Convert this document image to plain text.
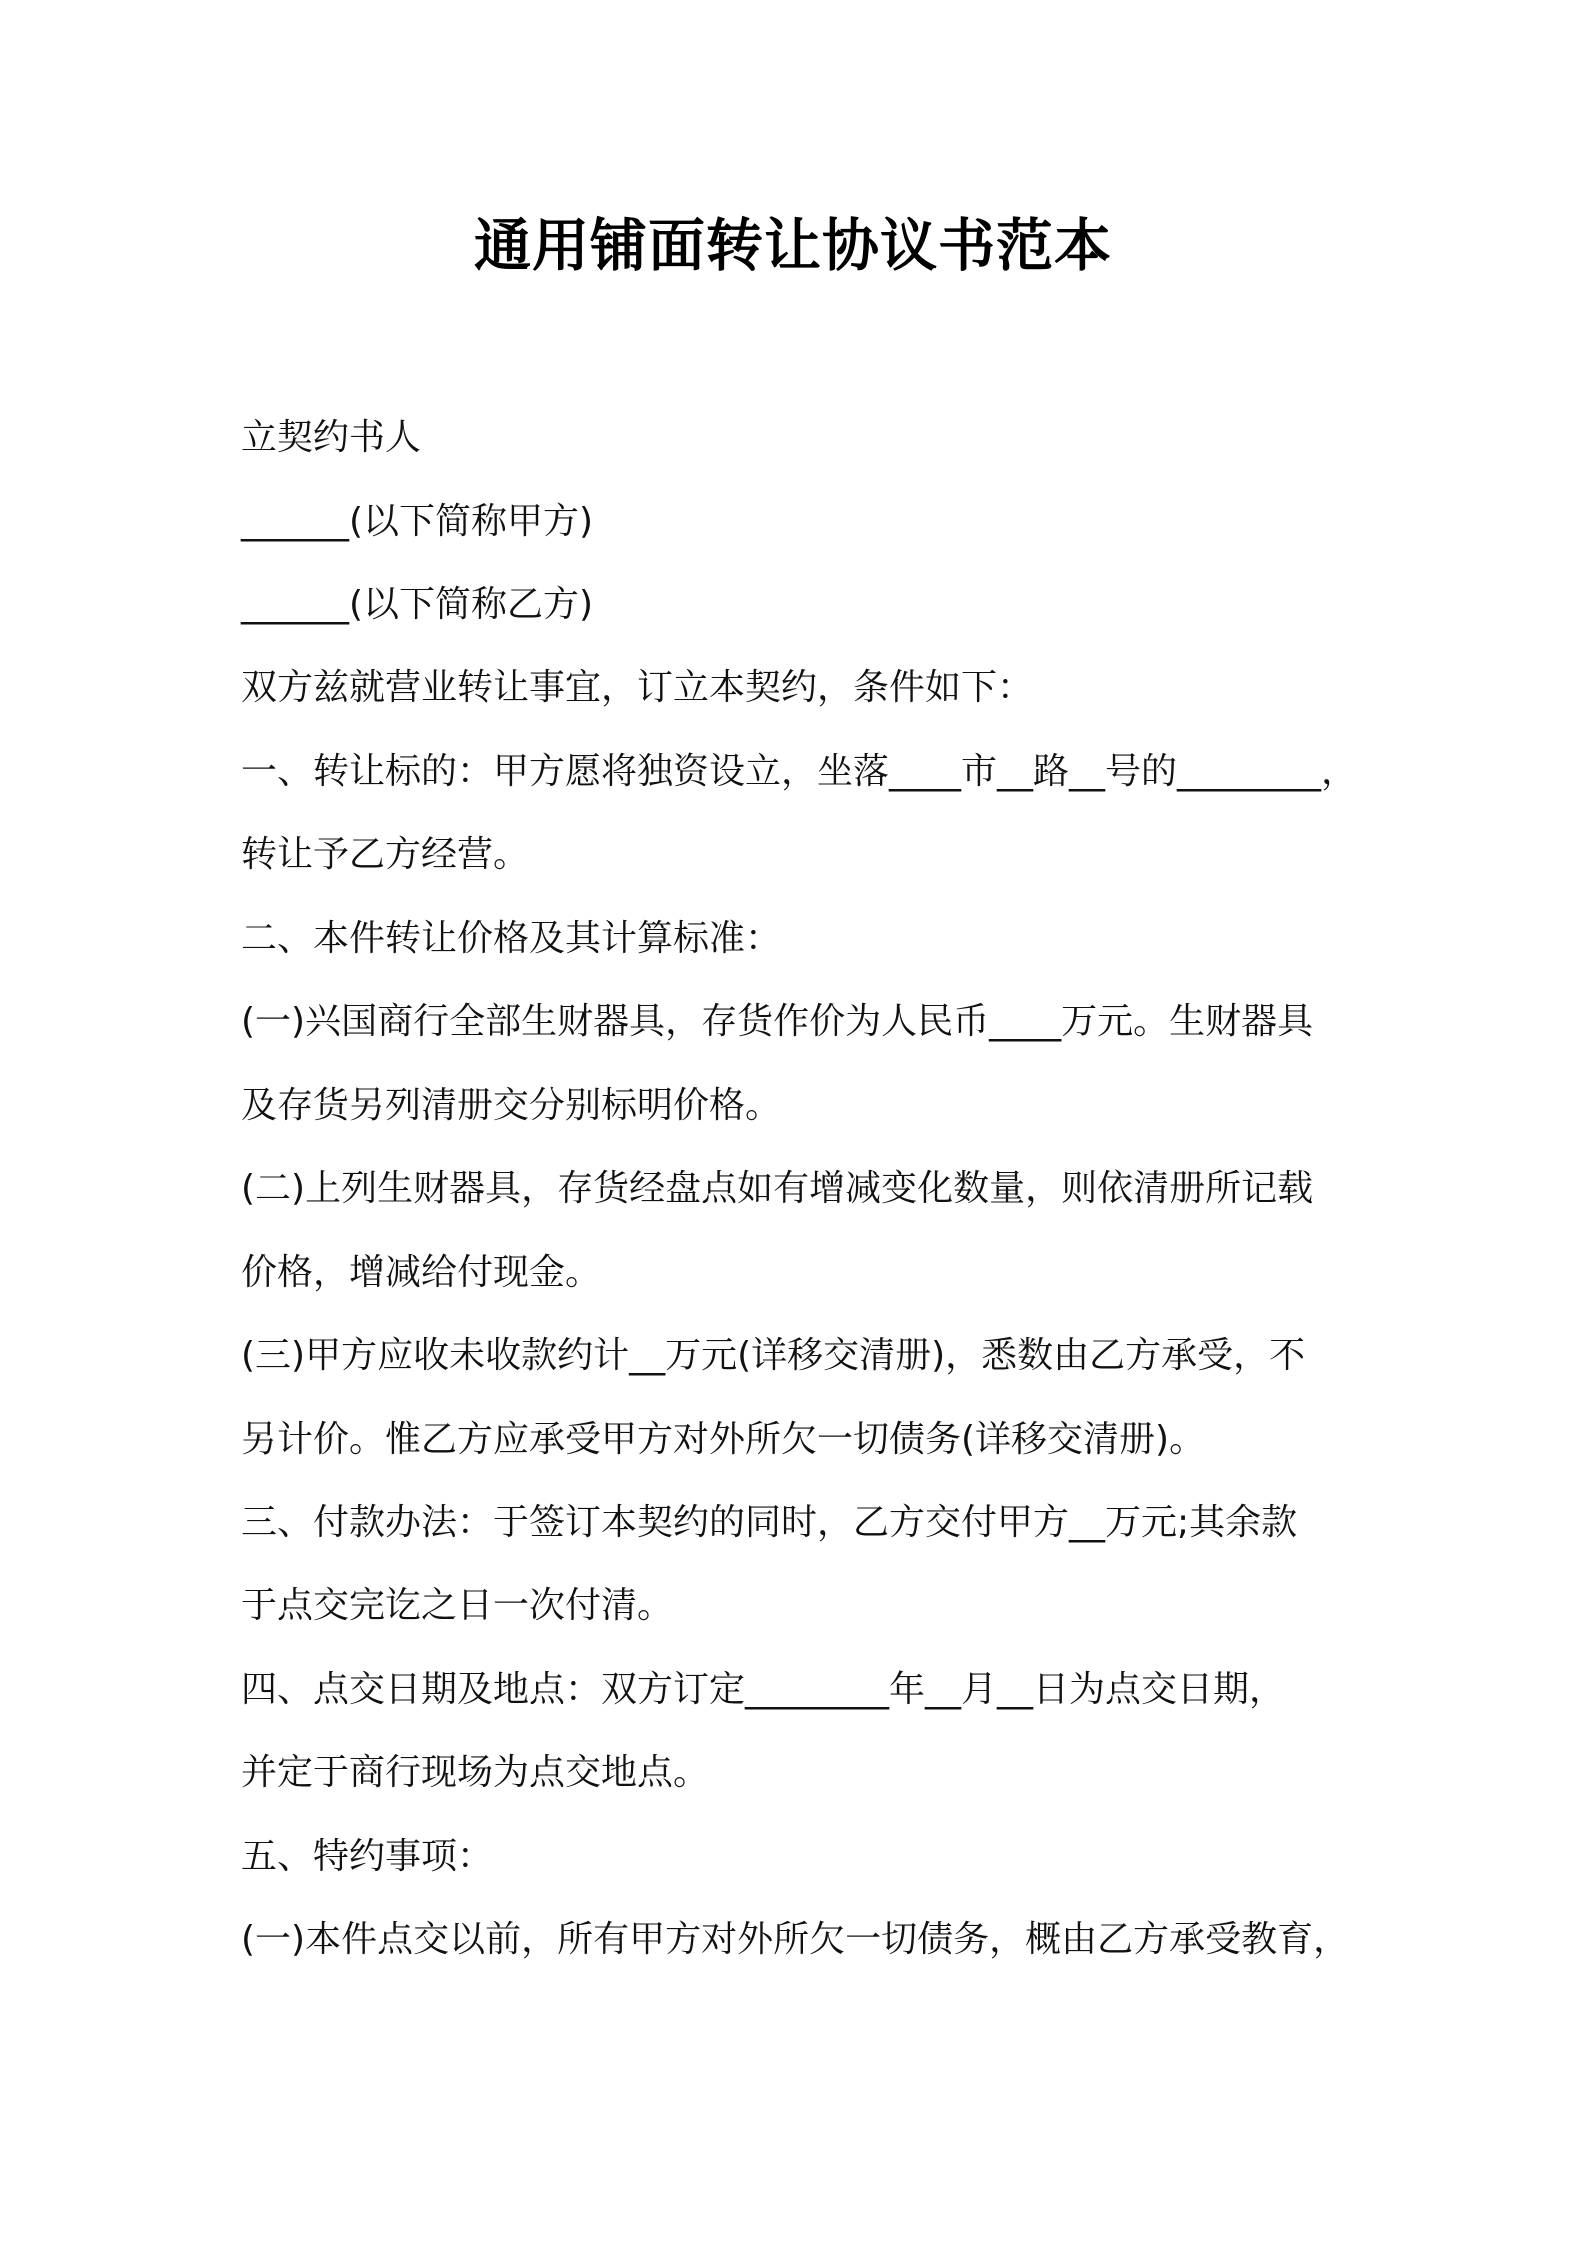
通用铺面转让协议书范本
立契约书人
______(以下简称甲方)
______(以下简称乙方)
双方兹就营业转让事宜，订立本契约，条件如下：
一、转让标的：甲方愿将独资设立，坐落____市__路__号的________，
转让予乙方经营。
二、本件转让价格及其计算标准：
(一)兴国商行全部生财器具，存货作价为人民币____万元。生财器具
及存货另列清册交分别标明价格。
(二)上列生财器具，存货经盘点如有增减变化数量，则依清册所记载
价格，增减给付现金。
(三)甲方应收未收款约计__万元(详移交清册)，悉数由乙方承受，不
另计价。惟乙方应承受甲方对外所欠一切债务(详移交清册)。
三、付款办法：于签订本契约的同时，乙方交付甲方__万元;其余款
于点交完讫之日一次付清。
四、点交日期及地点：双方订定________年__月__日为点交日期，
并定于商行现场为点交地点。
五、特约事项：
(一)本件点交以前，所有甲方对外所欠一切债务，概由乙方承受教育，
